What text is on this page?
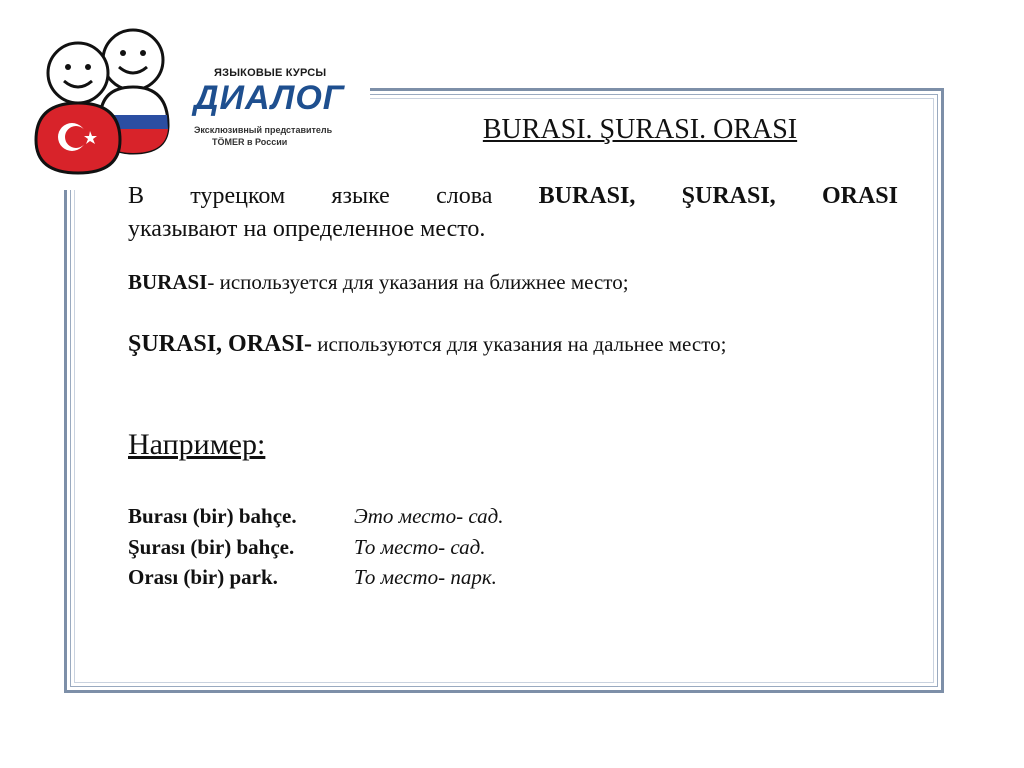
ЯЗЫКОВЫЕ КУРСЫ
ДИАЛОГ
Эксклюзивный представитель
TÖMER в России	BURASI. ŞURASI. ORASI
В турецком языке слова BURASI, ŞURASI, ORASI
указывают на определенное место.
BURASI- используется для указания на ближнее место;
ŞURASI, ORASI- используются для указания на дальнее место;
Например:
Burası (bir) bahçe.	Это место- сад.
Şurası (bir) bahçe.	То место- сад.
Orası (bir) park.	То место- парк.
